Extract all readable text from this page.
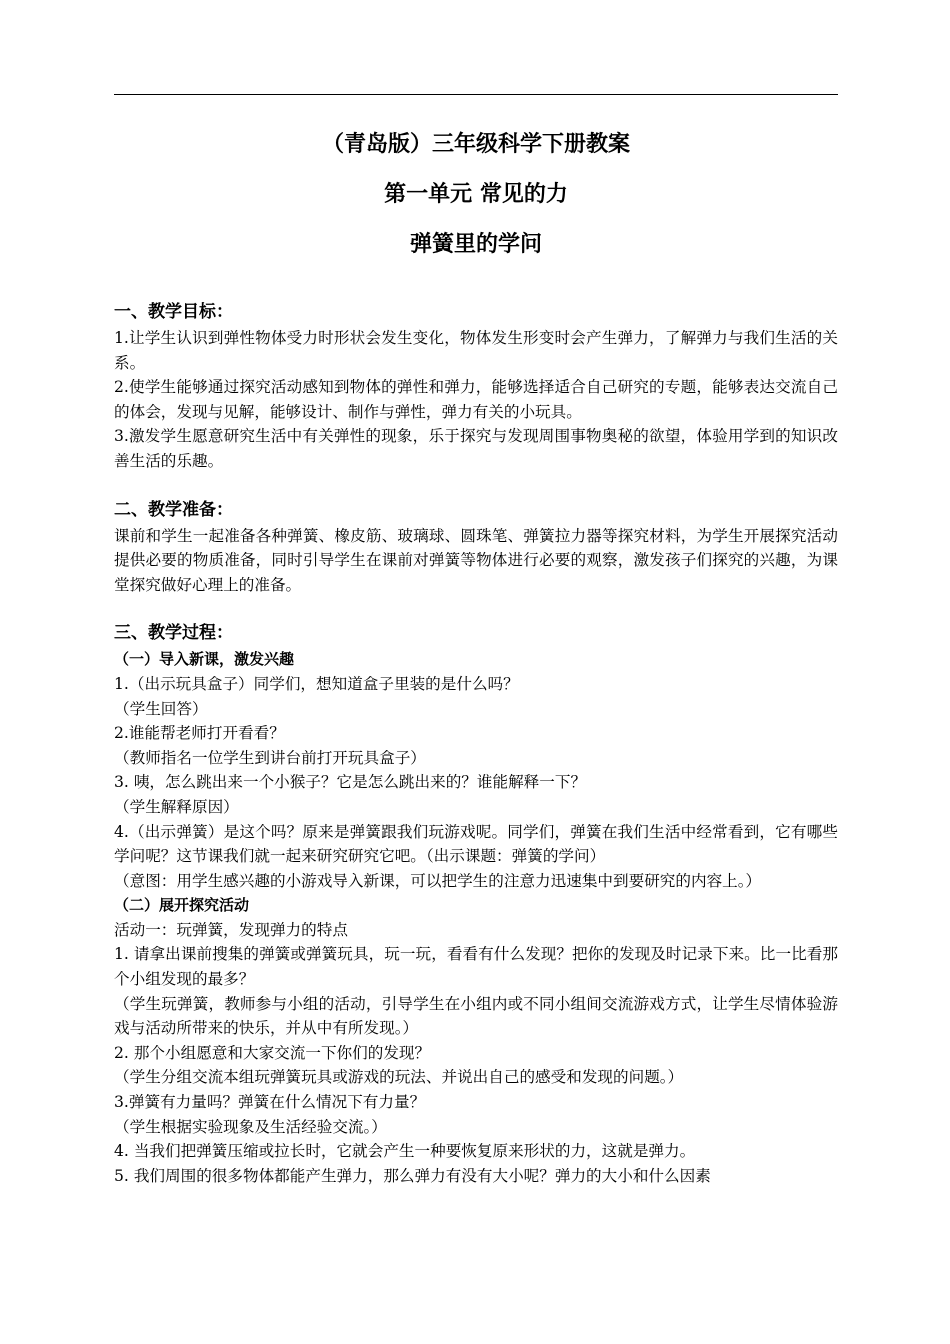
（青岛版）三年级科学下册教案
第一单元 常见的力
弹簧里的学问
一、教学目标：
1.让学生认识到弹性物体受力时形状会发生变化，物体发生形变时会产生弹力，了解弹力与我们生活的关系。
2.使学生能够通过探究活动感知到物体的弹性和弹力，能够选择适合自己研究的专题，能够表达交流自己的体会，发现与见解，能够设计、制作与弹性，弹力有关的小玩具。
3.激发学生愿意研究生活中有关弹性的现象，乐于探究与发现周围事物奥秘的欲望，体验用学到的知识改善生活的乐趣。
二、教学准备：
课前和学生一起准备各种弹簧、橡皮筋、玻璃球、圆珠笔、弹簧拉力器等探究材料，为学生开展探究活动提供必要的物质准备，同时引导学生在课前对弹簧等物体进行必要的观察，激发孩子们探究的兴趣，为课堂探究做好心理上的准备。
三、教学过程：
（一）导入新课，激发兴趣
1.（出示玩具盒子）同学们，想知道盒子里装的是什么吗？
（学生回答）
2.谁能帮老师打开看看？
（教师指名一位学生到讲台前打开玩具盒子）
3. 咦，怎么跳出来一个小猴子？它是怎么跳出来的？谁能解释一下？
（学生解释原因）
4.（出示弹簧）是这个吗？原来是弹簧跟我们玩游戏呢。同学们，弹簧在我们生活中经常看到，它有哪些学问呢？这节课我们就一起来研究研究它吧。（出示课题：弹簧的学问）
（意图：用学生感兴趣的小游戏导入新课，可以把学生的注意力迅速集中到要研究的内容上。）
（二）展开探究活动
活动一：玩弹簧，发现弹力的特点
1. 请拿出课前搜集的弹簧或弹簧玩具，玩一玩，看看有什么发现？把你的发现及时记录下来。比一比看那个小组发现的最多？
（学生玩弹簧，教师参与小组的活动，引导学生在小组内或不同小组间交流游戏方式，让学生尽情体验游戏与活动所带来的快乐，并从中有所发现。）
2. 那个小组愿意和大家交流一下你们的发现？
（学生分组交流本组玩弹簧玩具或游戏的玩法、并说出自己的感受和发现的问题。）
3.弹簧有力量吗？弹簧在什么情况下有力量？
（学生根据实验现象及生活经验交流。）
4. 当我们把弹簧压缩或拉长时，它就会产生一种要恢复原来形状的力，这就是弹力。
5. 我们周围的很多物体都能产生弹力，那么弹力有没有大小呢？弹力的大小和什么因素
